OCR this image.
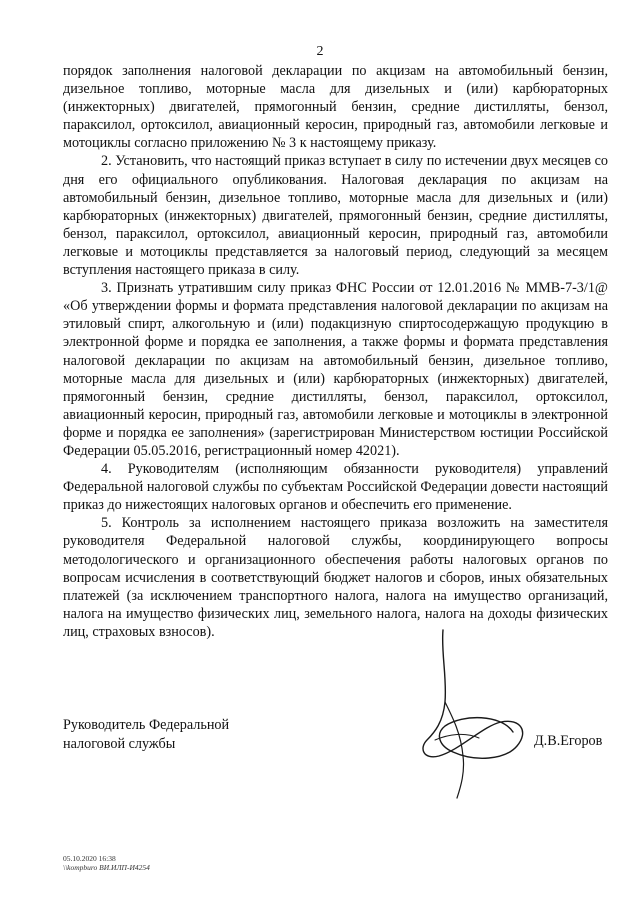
2

порядок заполнения налоговой декларации по акцизам на автомобильный бензин, дизельное топливо, моторные масла для дизельных и (или) карбюраторных (инжекторных) двигателей, прямогонный бензин, средние дистилляты, бензол, параксилол, ортоксилол, авиационный керосин, природный газ, автомобили легковые и мотоциклы согласно приложению № 3 к настоящему приказу.

2. Установить, что настоящий приказ вступает в силу по истечении двух месяцев со дня его официального опубликования. Налоговая декларация по акцизам на автомобильный бензин, дизельное топливо, моторные масла для дизельных и (или) карбюраторных (инжекторных) двигателей, прямогонный бензин, средние дистилляты, бензол, параксилол, ортоксилол, авиационный керосин, природный газ, автомобили легковые и мотоциклы представляется за налоговый период, следующий за месяцем вступления настоящего приказа в силу.

3. Признать утратившим силу приказ ФНС России от 12.01.2016 № ММВ-7-3/1@ «Об утверждении формы и формата представления налоговой декларации по акцизам на этиловый спирт, алкогольную и (или) подакцизную спиртосодержащую продукцию в электронной форме и порядка ее заполнения, а также формы и формата представления налоговой декларации по акцизам на автомобильный бензин, дизельное топливо, моторные масла для дизельных и (или) карбюраторных (инжекторных) двигателей, прямогонный бензин, средние дистилляты, бензол, параксилол, ортоксилол, авиационный керосин, природный газ, автомобили легковые и мотоциклы в электронной форме и порядка ее заполнения» (зарегистрирован Министерством юстиции Российской Федерации 05.05.2016, регистрационный номер 42021).

4. Руководителям (исполняющим обязанности руководителя) управлений Федеральной налоговой службы по субъектам Российской Федерации довести настоящий приказ до нижестоящих налоговых органов и обеспечить его применение.

5. Контроль за исполнением настоящего приказа возложить на заместителя руководителя Федеральной налоговой службы, координирующего вопросы методологического и организационного обеспечения работы налоговых органов по вопросам исчисления в соответствующий бюджет налогов и сборов, иных обязательных платежей (за исключением транспортного налога, налога на имущество организаций, налога на имущество физических лиц, земельного налога, налога на доходы физических лиц, страховых взносов).

Руководитель Федеральной
налоговой службы	Д.В.Егоров
05.10.2020 16:38
\\kompburo ВИ.ИЛП-И4254
